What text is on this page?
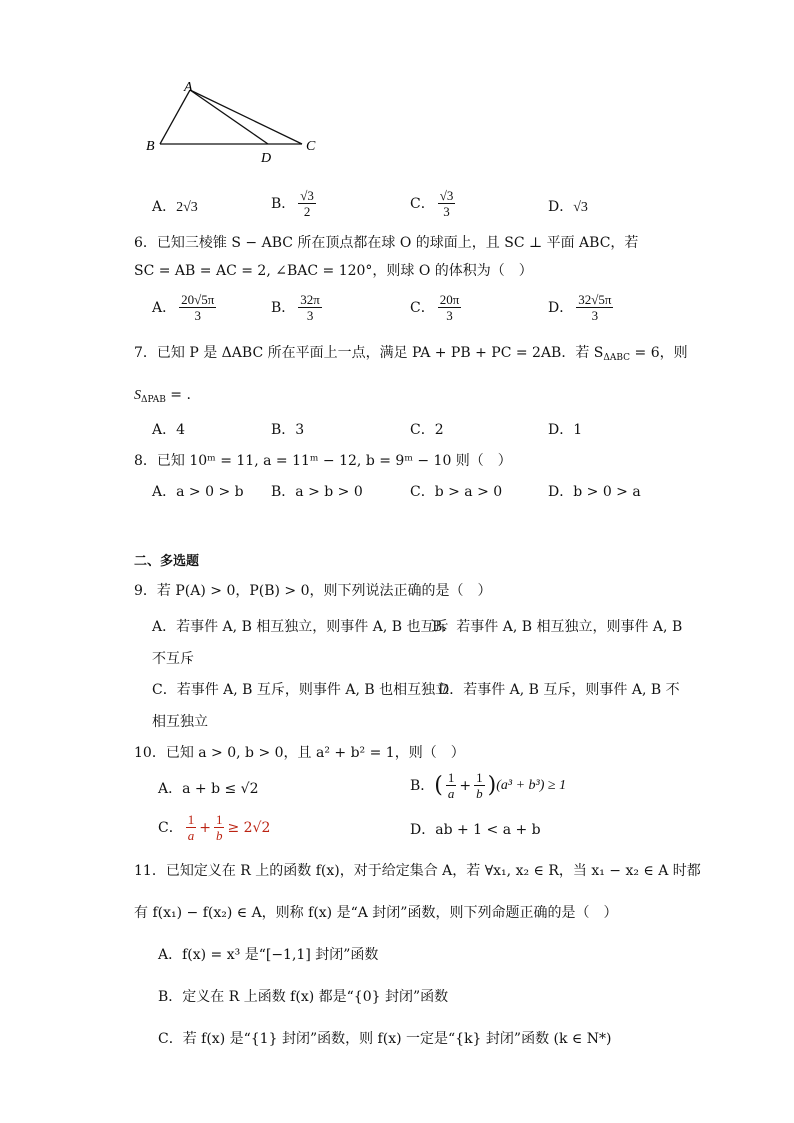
A
B
D
C
A．2√3	B． $\frac{√3}{2}$	C． $\frac{√3}{3}$	D．√3
6．已知三棱锥 S − ABC 所在顶点都在球 O 的球面上，且 SC ⊥ 平面 ABC，若
SC = AB = AC = 2, ∠BAC = 120°，则球 O 的体积为（　）
A． $\frac{20√5\pi}{3}$	B． $\frac{32\pi}{3}$	C． $\frac{20\pi}{3}$	D． $\frac{32√5\pi}{3}$
7．已知 P 是 ΔABC 所在平面上一点，满足 PA + PB + PC = 2AB．若 $S_{\Delta ABC} = 6$，则
$S_{\Delta PAB}$ = .
A．4	B．3	C．2	D．1
8．已知 10ᵐ = 11, a = 11ᵐ − 12, b = 9ᵐ − 10 则（　）
A．a > 0 > b B．a > b > 0	C．b > a > 0	D．b > 0 > a
二、多选题
9．若 P(A) > 0，P(B) > 0，则下列说法正确的是（　）
A．若事件 A, B 相互独立，则事件 A, B 也互斥
B．若事件 A, B 相互独立，则事件 A, B
不互斥
C．若事件 A, B 互斥，则事件 A, B 也相互独立
D．若事件 A, B 互斥，则事件 A, B 不
相互独立
10．已知 a > 0, b > 0，且 a² + b² = 1，则（　）
A．a + b ≤ √2	B． ( $\frac{1}{a} + \frac{1}{b}$ ) (a³ + b³) ≥ 1
C． $\frac{1}{a} + \frac{1}{b} \ge 2√2$	D．ab + 1 < a + b
11．已知定义在 R 上的函数 f(x)，对于给定集合 A，若 ∀x₁, x₂ ∈ R，当 x₁ − x₂ ∈ A 时都
有 f(x₁) − f(x₂) ∈ A，则称 f(x) 是“A 封闭”函数，则下列命题正确的是（　）
A．f(x) = x³ 是“[−1,1] 封闭”函数
B．定义在 R 上函数 f(x) 都是“{0} 封闭”函数
C．若 f(x) 是“{1} 封闭”函数，则 f(x) 一定是“{k} 封闭”函数 (k ∈ N*)
